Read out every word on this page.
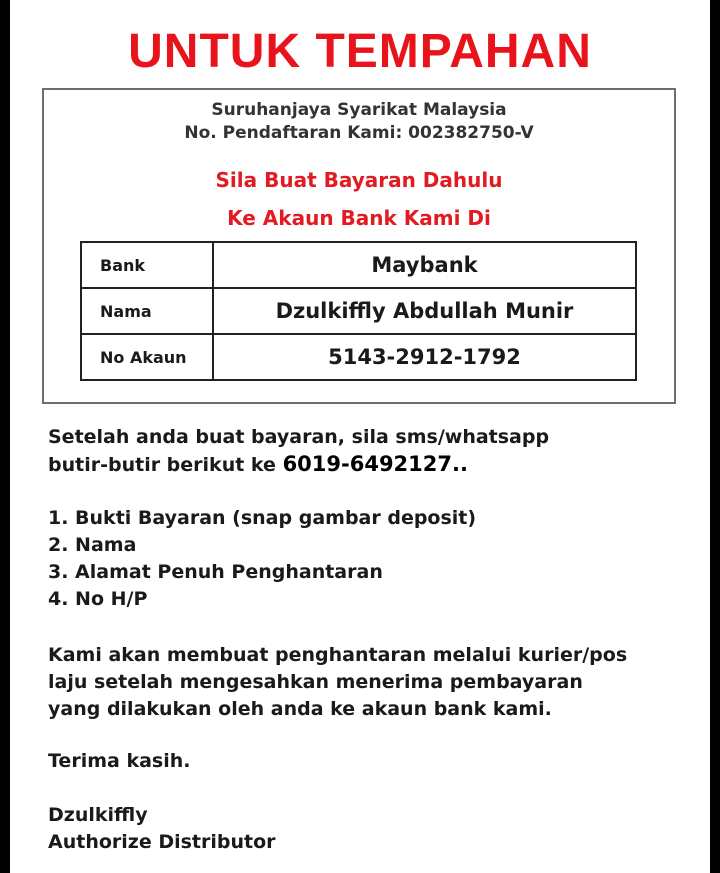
UNTUK TEMPAHAN
Suruhanjaya Syarikat Malaysia
No. Pendaftaran Kami: 002382750-V
Sila Buat Bayaran Dahulu
Ke Akaun Bank Kami Di
Bank	Maybank
Nama	Dzulkiffly Abdullah Munir
No Akaun	5143-2912-1792
Setelah anda buat bayaran, sila sms/whatsapp
butir-butir berikut ke 6019-6492127..
1. Bukti Bayaran (snap gambar deposit)
2. Nama
3. Alamat Penuh Penghantaran
4. No H/P
Kami akan membuat penghantaran melalui kurier/pos
laju setelah mengesahkan menerima pembayaran
yang dilakukan oleh anda ke akaun bank kami.
Terima kasih.
Dzulkiffly
Authorize Distributor
